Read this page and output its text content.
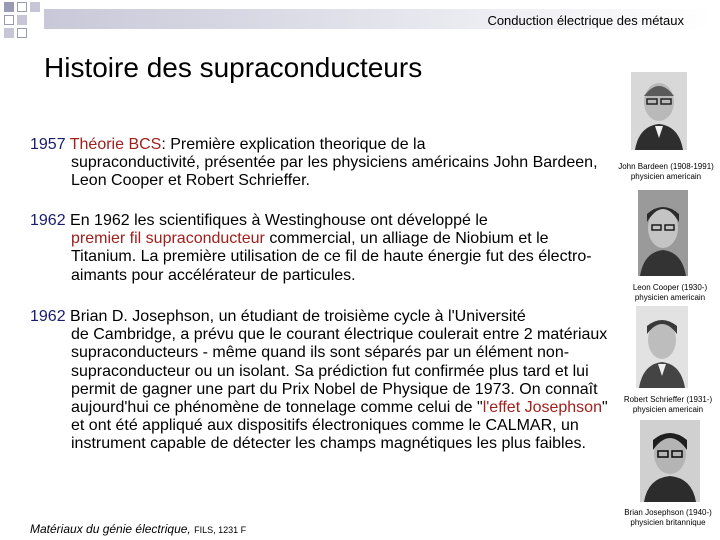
Conduction électrique des métaux
Histoire des supraconducteurs
1957 Théorie BCS: Première explication theorique de la
supraconductivité, présentée par les physiciens américains John Bardeen, Leon Cooper et Robert Schrieffer.
1962 En 1962 les scientifiques à Westinghouse ont développé le
premier fil supraconducteur commercial, un alliage de Niobium et le Titanium. La première utilisation de ce fil de haute énergie fut des électro-aimants pour accélérateur de particules.
1962 Brian D. Josephson, un étudiant de troisième cycle à l'Université
de Cambridge, a prévu que le courant électrique coulerait entre 2 matériaux supraconducteurs - même quand ils sont séparés par un élément non-supraconducteur ou un isolant. Sa prédiction fut confirmée plus tard et lui permit de gagner une part du Prix Nobel de Physique de 1973. On connaît aujourd'hui ce phénomène de tonnelage comme celui de "l'effet Josephson" et ont été appliqué aux dispositifs électroniques comme le CALMAR, un instrument capable de détecter les champs magnétiques les plus faibles.
John Bardeen (1908-1991)
physicien americain
Leon Cooper (1930-)
physicien americain
Robert Schrieffer (1931-)
physicien americain
Brian Josephson (1940-)
physicien britannique
Matériaux du génie électrique, FILS, 1231 F
